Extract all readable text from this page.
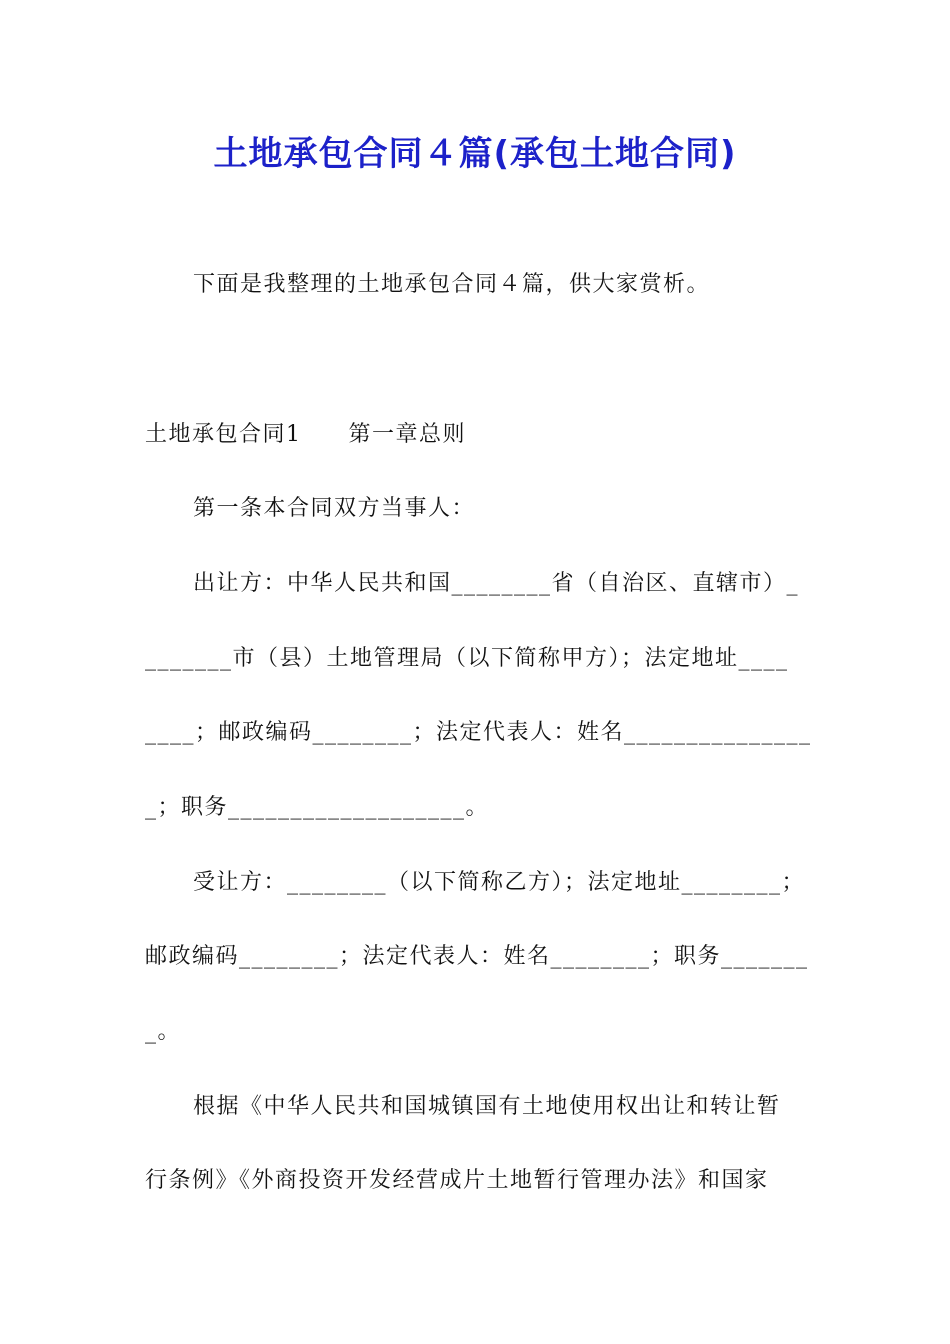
土地承包合同４篇(承包土地合同)
下面是我整理的土地承包合同４篇，供大家赏析。
土地承包合同1　　第一章总则
第一条本合同双方当事人：
出让方：中华人民共和国________省（自治区、直辖市）_
_______市（县）土地管理局（以下简称甲方）；法定地址____
____；邮政编码________；法定代表人：姓名_______________
_；职务___________________。
受让方：________（以下简称乙方）；法定地址________；
邮政编码________；法定代表人：姓名________；职务_______
_。
根据《中华人民共和国城镇国有土地使用权出让和转让暂
行条例》《外商投资开发经营成片土地暂行管理办法》和国家
